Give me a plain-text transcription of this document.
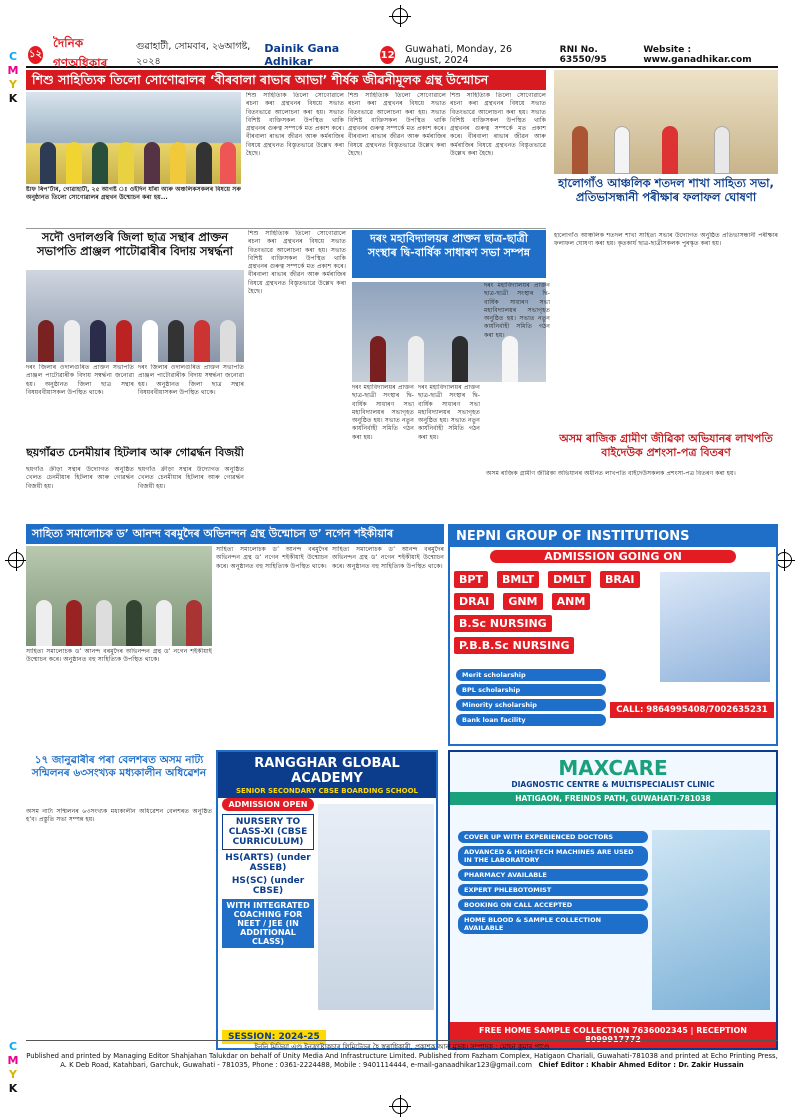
C
M
Y
K
C
M
Y
K
১২
দৈনিক গণঅধিকাৰ
গুৱাহাটী, সোমবাৰ, ২৬আগষ্ট, ২০২৪
Dainik Gana Adhikar	12 Guwahati, Monday, 26 August, 2024
RNI No. 63550/95
Website : www.ganadhikar.com
শিশু সাহিত্যিক তিলো সোণোৱালৰ ‘বীৰবালা ৰাভাৰ আভা’ শীৰ্ষক জীৱনীমূলক গ্ৰন্থ উন্মোচন
ষ্টাফ ৰিপ’ৰ্টাৰ, গোৱাহাটী, ২৫ আগষ্ট ঃ ওইদিন যাঁৰা আৰু অঞ্চলিকসকলৰ বিষয়ে সৰু অনুষ্ঠানত তিলো সোণোৱালৰ গ্ৰন্থখন উন্মোচন কৰা হয়...
শিশু সাহিত্যিক তিলো সোণোৱালে ৰচনা কৰা গ্ৰন্থখনৰ বিষয়ে সভাত বিতংভাৱে আলোচনা কৰা হয়। সভাত বিশিষ্ট ব্যক্তিসকল উপস্থিত থাকি গ্ৰন্থখনৰ গুৰুত্ব সম্পৰ্কে মত প্ৰকাশ কৰে। বীৰবালা ৰাভাৰ জীৱন আৰু কৰ্মৰাজিৰ বিষয়ে গ্ৰন্থখনত বিস্তৃতভাৱে উল্লেখ কৰা হৈছে।
শিশু সাহিত্যিক তিলো সোণোৱালে ৰচনা কৰা গ্ৰন্থখনৰ বিষয়ে সভাত বিতংভাৱে আলোচনা কৰা হয়। সভাত বিশিষ্ট ব্যক্তিসকল উপস্থিত থাকি গ্ৰন্থখনৰ গুৰুত্ব সম্পৰ্কে মত প্ৰকাশ কৰে। বীৰবালা ৰাভাৰ জীৱন আৰু কৰ্মৰাজিৰ বিষয়ে গ্ৰন্থখনত বিস্তৃতভাৱে উল্লেখ কৰা হৈছে।
শিশু সাহিত্যিক তিলো সোণোৱালে ৰচনা কৰা গ্ৰন্থখনৰ বিষয়ে সভাত বিতংভাৱে আলোচনা কৰা হয়। সভাত বিশিষ্ট ব্যক্তিসকল উপস্থিত থাকি গ্ৰন্থখনৰ গুৰুত্ব সম্পৰ্কে মত প্ৰকাশ কৰে। বীৰবালা ৰাভাৰ জীৱন আৰু কৰ্মৰাজিৰ বিষয়ে গ্ৰন্থখনত বিস্তৃতভাৱে উল্লেখ কৰা হৈছে।
হালোগাঁও আঞ্চলিক শতদল শাখা সাহিত্য সভা, প্ৰতিভাসন্ধানী পৰীক্ষাৰ ফলাফল ঘোষণা
হালোগাঁও আঞ্চলিক শতদল শাখা সাহিত্য সভাৰ উদ্যোগত অনুষ্ঠিত প্ৰতিভাসন্ধানী পৰীক্ষাৰ ফলাফল ঘোষণা কৰা হয়। কৃতকাৰ্য ছাত্ৰ-ছাত্ৰীসকলক পুৰস্কৃত কৰা হয়।
সদৌ ওদালগুৰি জিলা ছাত্ৰ সন্থাৰ প্ৰাক্তন সভাপতি প্ৰাঞ্জল পাটোৱাৰীৰ বিদায় সম্বৰ্দ্ধনা
দৰং জিলাৰ ওদালগুৰিত প্ৰাক্তন সভাপতি প্ৰাঞ্জল পাটোৱাৰীক বিদায় সম্বৰ্দ্ধনা জনোৱা হয়। অনুষ্ঠানত জিলা ছাত্ৰ সন্থাৰ বিষয়ববীয়াসকল উপস্থিত থাকে।
দৰং জিলাৰ ওদালগুৰিত প্ৰাক্তন সভাপতি প্ৰাঞ্জল পাটোৱাৰীক বিদায় সম্বৰ্দ্ধনা জনোৱা হয়। অনুষ্ঠানত জিলা ছাত্ৰ সন্থাৰ বিষয়ববীয়াসকল উপস্থিত থাকে।
ছয়গাঁৱত চেনমীয়াৰ হিটলাৰ আৰু গোৱৰ্দ্ধন বিজয়ী
ছয়গাঁও ক্ৰীড়া সন্থাৰ উদ্যোগত অনুষ্ঠিত খেলত চেনমীয়াৰ হিটলাৰ আৰু গোৱৰ্দ্ধন বিজয়ী হয়।
ছয়গাঁও ক্ৰীড়া সন্থাৰ উদ্যোগত অনুষ্ঠিত খেলত চেনমীয়াৰ হিটলাৰ আৰু গোৱৰ্দ্ধন বিজয়ী হয়।
শিশু সাহিত্যিক তিলো সোণোৱালে ৰচনা কৰা গ্ৰন্থখনৰ বিষয়ে সভাত বিতংভাৱে আলোচনা কৰা হয়। সভাত বিশিষ্ট ব্যক্তিসকল উপস্থিত থাকি গ্ৰন্থখনৰ গুৰুত্ব সম্পৰ্কে মত প্ৰকাশ কৰে। বীৰবালা ৰাভাৰ জীৱন আৰু কৰ্মৰাজিৰ বিষয়ে গ্ৰন্থখনত বিস্তৃতভাৱে উল্লেখ কৰা হৈছে।
দৰং মহাবিদ্যালয়ৰ প্ৰাক্তন ছাত্ৰ-ছাত্ৰী সংস্থাৰ দ্বি-বাৰ্ষিক সাধাৰণ সভা সম্পন্ন
দৰং মহাবিদ্যালয়ৰ প্ৰাক্তন ছাত্ৰ-ছাত্ৰী সংস্থাৰ দ্বি-বাৰ্ষিক সাধাৰণ সভা মহাবিদ্যালয়ৰ সভাগৃহত অনুষ্ঠিত হয়। সভাত নতুন কাৰ্যনিৰ্বাহী সমিতি গঠন কৰা হয়।
দৰং মহাবিদ্যালয়ৰ প্ৰাক্তন ছাত্ৰ-ছাত্ৰী সংস্থাৰ দ্বি-বাৰ্ষিক সাধাৰণ সভা মহাবিদ্যালয়ৰ সভাগৃহত অনুষ্ঠিত হয়। সভাত নতুন কাৰ্যনিৰ্বাহী সমিতি গঠন কৰা হয়।
দৰং মহাবিদ্যালয়ৰ প্ৰাক্তন ছাত্ৰ-ছাত্ৰী সংস্থাৰ দ্বি-বাৰ্ষিক সাধাৰণ সভা মহাবিদ্যালয়ৰ সভাগৃহত অনুষ্ঠিত হয়। সভাত নতুন কাৰ্যনিৰ্বাহী সমিতি গঠন কৰা হয়।
অসম ৰাজিক গ্ৰামীণ জীৱিকা অভিযানৰ লাখপতি বাইদেউক প্ৰশংসা-পত্ৰ বিতৰণ
অসম ৰাজিক গ্ৰামীণ জীৱিকা অভিযানৰ অধীনত লাখপতি বাইদেউসকলক প্ৰশংসা-পত্ৰ বিতৰণ কৰা হয়।
সাহিত্য সমালোচক ড’ আনন্দ বৰমুদৈৰ অভিনন্দন গ্ৰন্থ উন্মোচন ড’ নগেন শইকীয়াৰ
সাহিত্য সমালোচক ড’ আনন্দ বৰমুদৈৰ অভিনন্দন গ্ৰন্থ ড’ নগেন শইকীয়াই উন্মোচন কৰে। অনুষ্ঠানত বহু সাহিত্যিক উপস্থিত থাকে।
সাহিত্য সমালোচক ড’ আনন্দ বৰমুদৈৰ অভিনন্দন গ্ৰন্থ ড’ নগেন শইকীয়াই উন্মোচন কৰে। অনুষ্ঠানত বহু সাহিত্যিক উপস্থিত থাকে।
সাহিত্য সমালোচক ড’ আনন্দ বৰমুদৈৰ অভিনন্দন গ্ৰন্থ ড’ নগেন শইকীয়াই উন্মোচন কৰে। অনুষ্ঠানত বহু সাহিত্যিক উপস্থিত থাকে।
১৭ জানুৱাৰীৰ পৰা বেলশৰত অসম নাট্য সন্মিলনৰ ৬৩সংখ্যক মধ্যকালীন অধিৱেশন
অসম নাট্য সন্মিলনৰ ৬৩সংখ্যক মধ্যকালীন অধিৱেশন বেলশৰত অনুষ্ঠিত হ’ব। প্ৰস্তুতি সভা সম্পন্ন হয়।
NEPNI GROUP OF INSTITUTIONS
ADMISSION GOING ON
BPT BMLT DMLT BRAI DRAI GNM ANM B.Sc NURSING P.B.B.Sc NURSING
Merit scholarship
BPL scholarship
Minority scholarship
Bank loan facility
CALL: 9864995408/7002635231
RANGGHAR GLOBAL ACADEMY
SENIOR SECONDARY CBSE BOARDING SCHOOL
ADMISSION OPEN
NURSERY TO CLASS-XI (CBSE CURRICULUM)
HS(ARTS) (under ASSEB)
HS(SC) (under CBSE)
WITH INTEGRATED COACHING FOR NEET / JEE (IN ADDITIONAL CLASS)
SESSION: 2024-25
MAXCARE
DIAGNOSTIC CENTRE & MULTISPECIALIST CLINIC
HATIGAON, FREINDS PATH, GUWAHATI-781038
COVER UP WITH EXPERIENCED DOCTORS
ADVANCED & HIGH-TECH MACHINES ARE USED IN THE LABORATORY
PHARMACY AVAILABLE
EXPERT PHLEBOTOMIST
BOOKING ON CALL ACCEPTED
HOME BLOOD & SAMPLE COLLECTION AVAILABLE
FREE HOME SAMPLE COLLECTION 7636002345 | RECEPTION 8099917772
ইননি মিডিয়া এণ্ড ইনফ্ৰাষ্ট্ৰাকচাৰ লিমিটেডৰ হৈ স্বত্বাধিকাৰী, প্ৰকাশক আৰু মুদ্ৰক। সম্পাদক : মোহন কুমাৰ পাণ্ডে
Published and printed by Managing Editor Shahjahan Talukdar on behalf of Unity Media And Infrastructure Limited. Published from Fazham Complex, Hatigaon Chariali, Guwahati-781038 and printed at Echo Printing Press,
A. K Deb Road, Katahbari, Garchuk, Guwahati - 781035, Phone : 0361-2224488, Mobile : 9401114444, e-mail-ganaadhikar123@gmail.com Chief Editor : Khabir Ahmed Editor : Dr. Zakir Hussain
